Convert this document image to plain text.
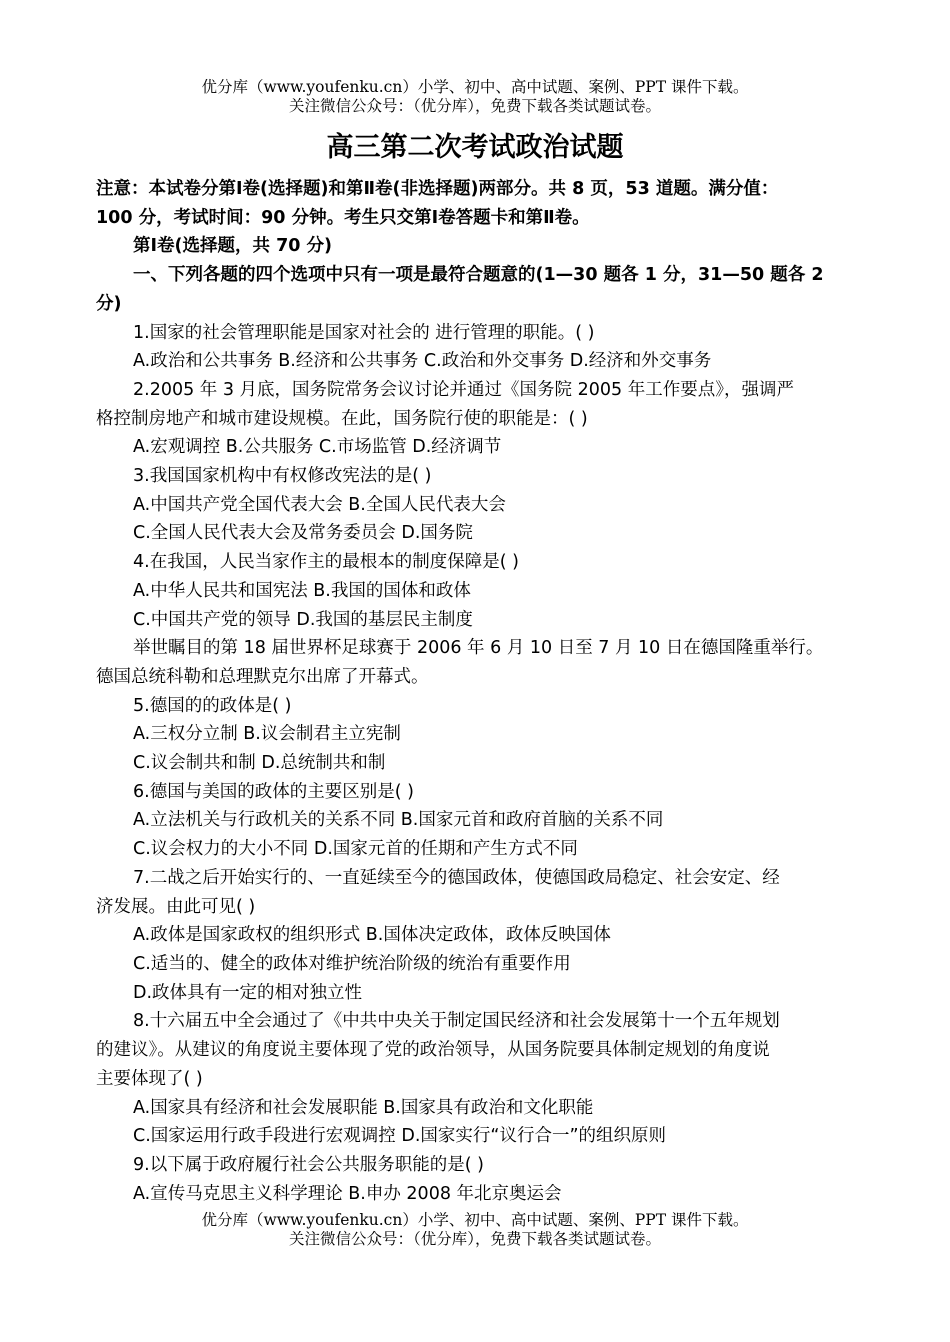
优分库（www.youfenku.cn）小学、初中、高中试题、案例、PPT 课件下载。
关注微信公众号：（优分库），免费下载各类试题试卷。
高三第二次考试政治试题
注意：本试卷分第Ⅰ卷(选择题)和第Ⅱ卷(非选择题)两部分。共 8 页，53 道题。满分值：
100 分，考试时间：90 分钟。考生只交第Ⅰ卷答题卡和第Ⅱ卷。
第Ⅰ卷(选择题，共 70 分)
一、下列各题的四个选项中只有一项是最符合题意的(1—30 题各 1 分，31—50 题各 2
分)
1.国家的社会管理职能是国家对社会的 进行管理的职能。( )
A.政治和公共事务 B.经济和公共事务 C.政治和外交事务 D.经济和外交事务
2.2005 年 3 月底，国务院常务会议讨论并通过《国务院 2005 年工作要点》，强调严
格控制房地产和城市建设规模。在此，国务院行使的职能是：( )
A.宏观调控 B.公共服务 C.市场监管 D.经济调节
3.我国国家机构中有权修改宪法的是( )
A.中国共产党全国代表大会 B.全国人民代表大会
C.全国人民代表大会及常务委员会 D.国务院
4.在我国，人民当家作主的最根本的制度保障是( )
A.中华人民共和国宪法 B.我国的国体和政体
C.中国共产党的领导 D.我国的基层民主制度
举世瞩目的第 18 届世界杯足球赛于 2006 年 6 月 10 日至 7 月 10 日在德国隆重举行。
德国总统科勒和总理默克尔出席了开幕式。
5.德国的的政体是( )
A.三权分立制 B.议会制君主立宪制
C.议会制共和制 D.总统制共和制
6.德国与美国的政体的主要区别是( )
A.立法机关与行政机关的关系不同 B.国家元首和政府首脑的关系不同
C.议会权力的大小不同 D.国家元首的任期和产生方式不同
7.二战之后开始实行的、一直延续至今的德国政体，使德国政局稳定、社会安定、经
济发展。由此可见( )
A.政体是国家政权的组织形式 B.国体决定政体，政体反映国体
C.适当的、健全的政体对维护统治阶级的统治有重要作用
D.政体具有一定的相对独立性
8.十六届五中全会通过了《中共中央关于制定国民经济和社会发展第十一个五年规划
的建议》。从建议的角度说主要体现了党的政治领导，从国务院要具体制定规划的角度说
主要体现了( )
A.国家具有经济和社会发展职能 B.国家具有政治和文化职能
C.国家运用行政手段进行宏观调控 D.国家实行“议行合一”的组织原则
9.以下属于政府履行社会公共服务职能的是( )
A.宣传马克思主义科学理论 B.申办 2008 年北京奥运会
优分库（www.youfenku.cn）小学、初中、高中试题、案例、PPT 课件下载。
关注微信公众号：（优分库），免费下载各类试题试卷。
